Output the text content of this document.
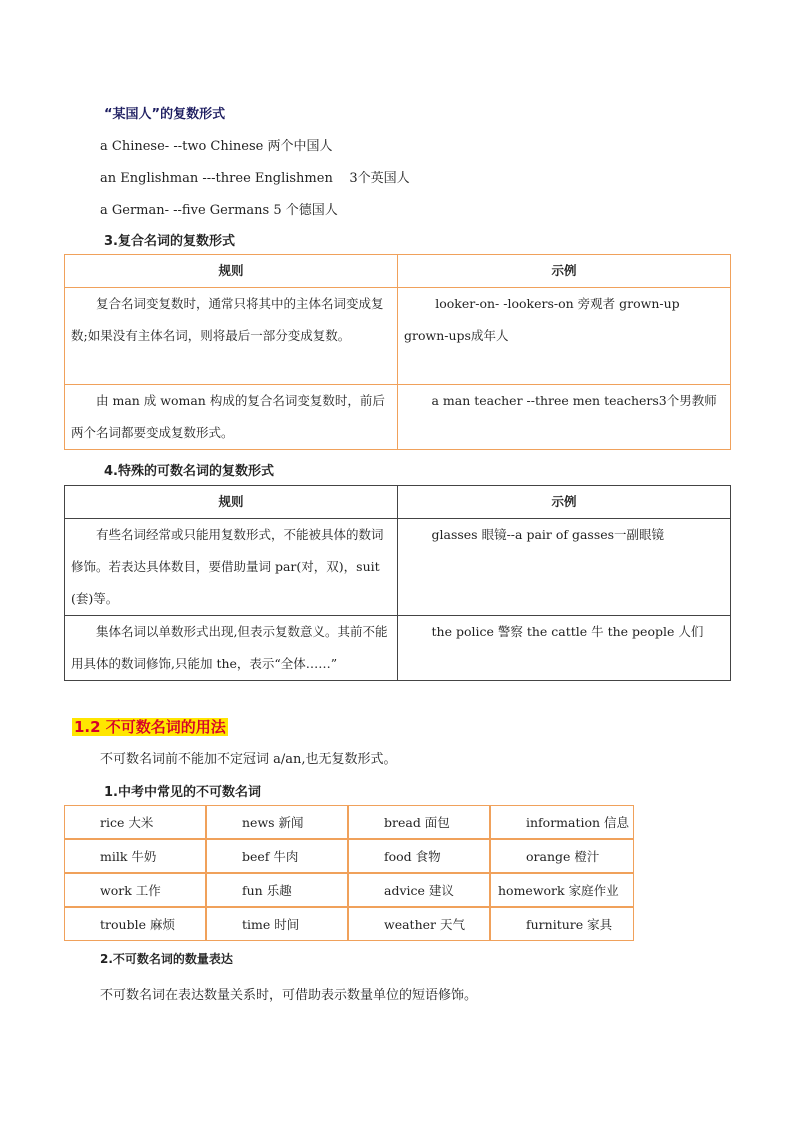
“某国人”的复数形式
a Chinese- --two Chinese 两个中国人
an Englishman ---three Englishmen    3个英国人
a German- --five Germans 5 个德国人
3.复合名词的复数形式
规则	示例

复合名词变复数时，通常只将其中的主体名词变成复数;如果没有主体名词，则将最后一部分变成复数。	looker-on- -lookers-on 旁观者 grown-up grown-ups成年人

由 man 成 woman 构成的复合名词变复数时，前后两个名词都要变成复数形式。	a man teacher --three men teachers3个男教师
4.特殊的可数名词的复数形式
规则	示例

有些名词经常或只能用复数形式，不能被具体的数词修饰。若表达具体数目，要借助量词 par(对，双)，suit(套)等。	glasses 眼镜--a pair of gasses一副眼镜

集体名词以单数形式出现,但表示复数意义。其前不能用具体的数词修饰,只能加 the，表示“全体……”	the police 警察 the cattle 牛 the people 人们
1.2 不可数名词的用法
不可数名词前不能加不定冠词 a/an,也无复数形式。
1.中考中常见的不可数名词
rice 大米	news 新闻	bread 面包	information 信息
milk 牛奶	beef 牛肉	food 食物	orange 橙汁
work 工作	fun 乐趣	advice 建议	homework 家庭作业
trouble 麻烦	time 时间	weather 天气	furniture 家具
2.不可数名词的数量表达
不可数名词在表达数量关系时，可借助表示数量单位的短语修饰。
